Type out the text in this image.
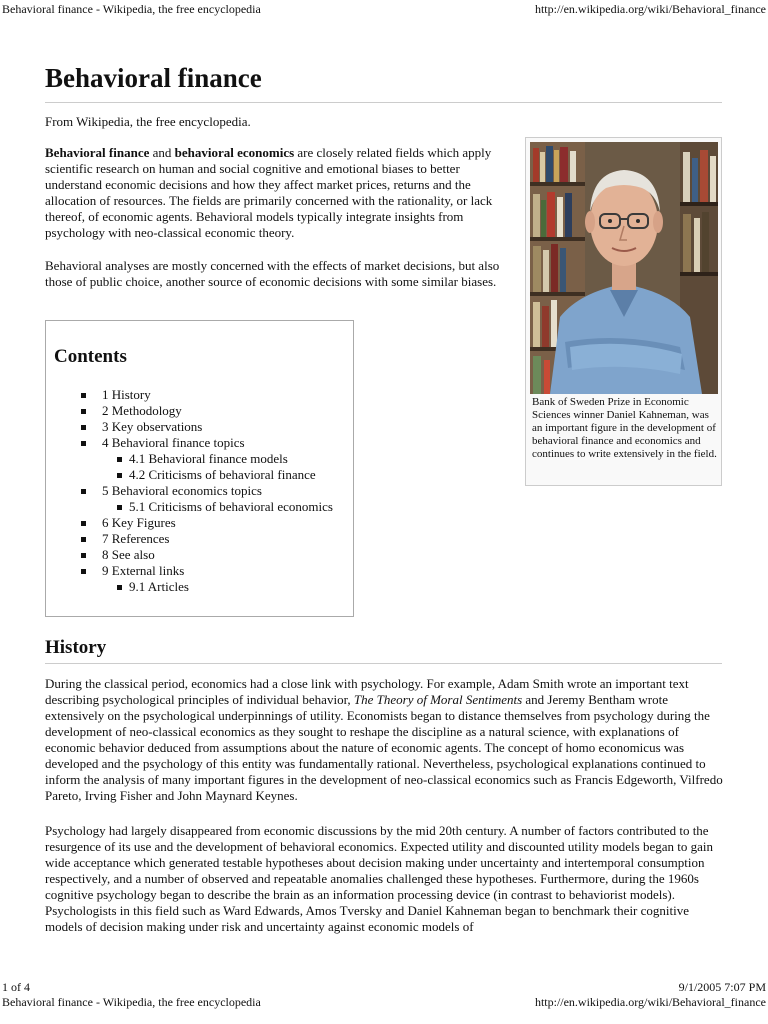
Behavioral finance - Wikipedia, the free encyclopedia	http://en.wikipedia.org/wiki/Behavioral_finance
Behavioral finance
From Wikipedia, the free encyclopedia.

Behavioral finance and behavioral economics are closely related fields which apply scientific research on human and social cognitive and emotional biases to better understand economic decisions and how they affect market prices, returns and the allocation of resources. The fields are primarily concerned with the rationality, or lack thereof, of economic agents. Behavioral models typically integrate insights from psychology with neo-classical economic theory.

Behavioral analyses are mostly concerned with the effects of market decisions, but also those of public choice, another source of economic decisions with some similar biases.

Bank of Sweden Prize in Economic Sciences winner Daniel Kahneman, was an important figure in the development of behavioral finance and economics and continues to write extensively in the field.
Contents
1 History
2 Methodology
3 Key observations
4 Behavioral finance topics
4.1 Behavioral finance models
4.2 Criticisms of behavioral finance
5 Behavioral economics topics
5.1 Criticisms of behavioral economics
6 Key Figures
7 References
8 See also
9 External links
9.1 Articles
History

During the classical period, economics had a close link with psychology. For example, Adam Smith wrote an important text describing psychological principles of individual behavior, The Theory of Moral Sentiments and Jeremy Bentham wrote extensively on the psychological underpinnings of utility. Economists began to distance themselves from psychology during the development of neo-classical economics as they sought to reshape the discipline as a natural science, with explanations of economic behavior deduced from assumptions about the nature of economic agents. The concept of homo economicus was developed and the psychology of this entity was fundamentally rational. Nevertheless, psychological explanations continued to inform the analysis of many important figures in the development of neo-classical economics such as Francis Edgeworth, Vilfredo Pareto, Irving Fisher and John Maynard Keynes.

Psychology had largely disappeared from economic discussions by the mid 20th century. A number of factors contributed to the resurgence of its use and the development of behavioral economics. Expected utility and discounted utility models began to gain wide acceptance which generated testable hypotheses about decision making under uncertainty and intertemporal consumption respectively, and a number of observed and repeatable anomalies challenged these hypotheses. Furthermore, during the 1960s cognitive psychology began to describe the brain as an information processing device (in contrast to behaviorist models). Psychologists in this field such as Ward Edwards, Amos Tversky and Daniel Kahneman began to benchmark their cognitive models of decision making under risk and uncertainty against economic models of

1 of 4	9/1/2005 7:07 PM
Behavioral finance - Wikipedia, the free encyclopedia	http://en.wikipedia.org/wiki/Behavioral_finance
